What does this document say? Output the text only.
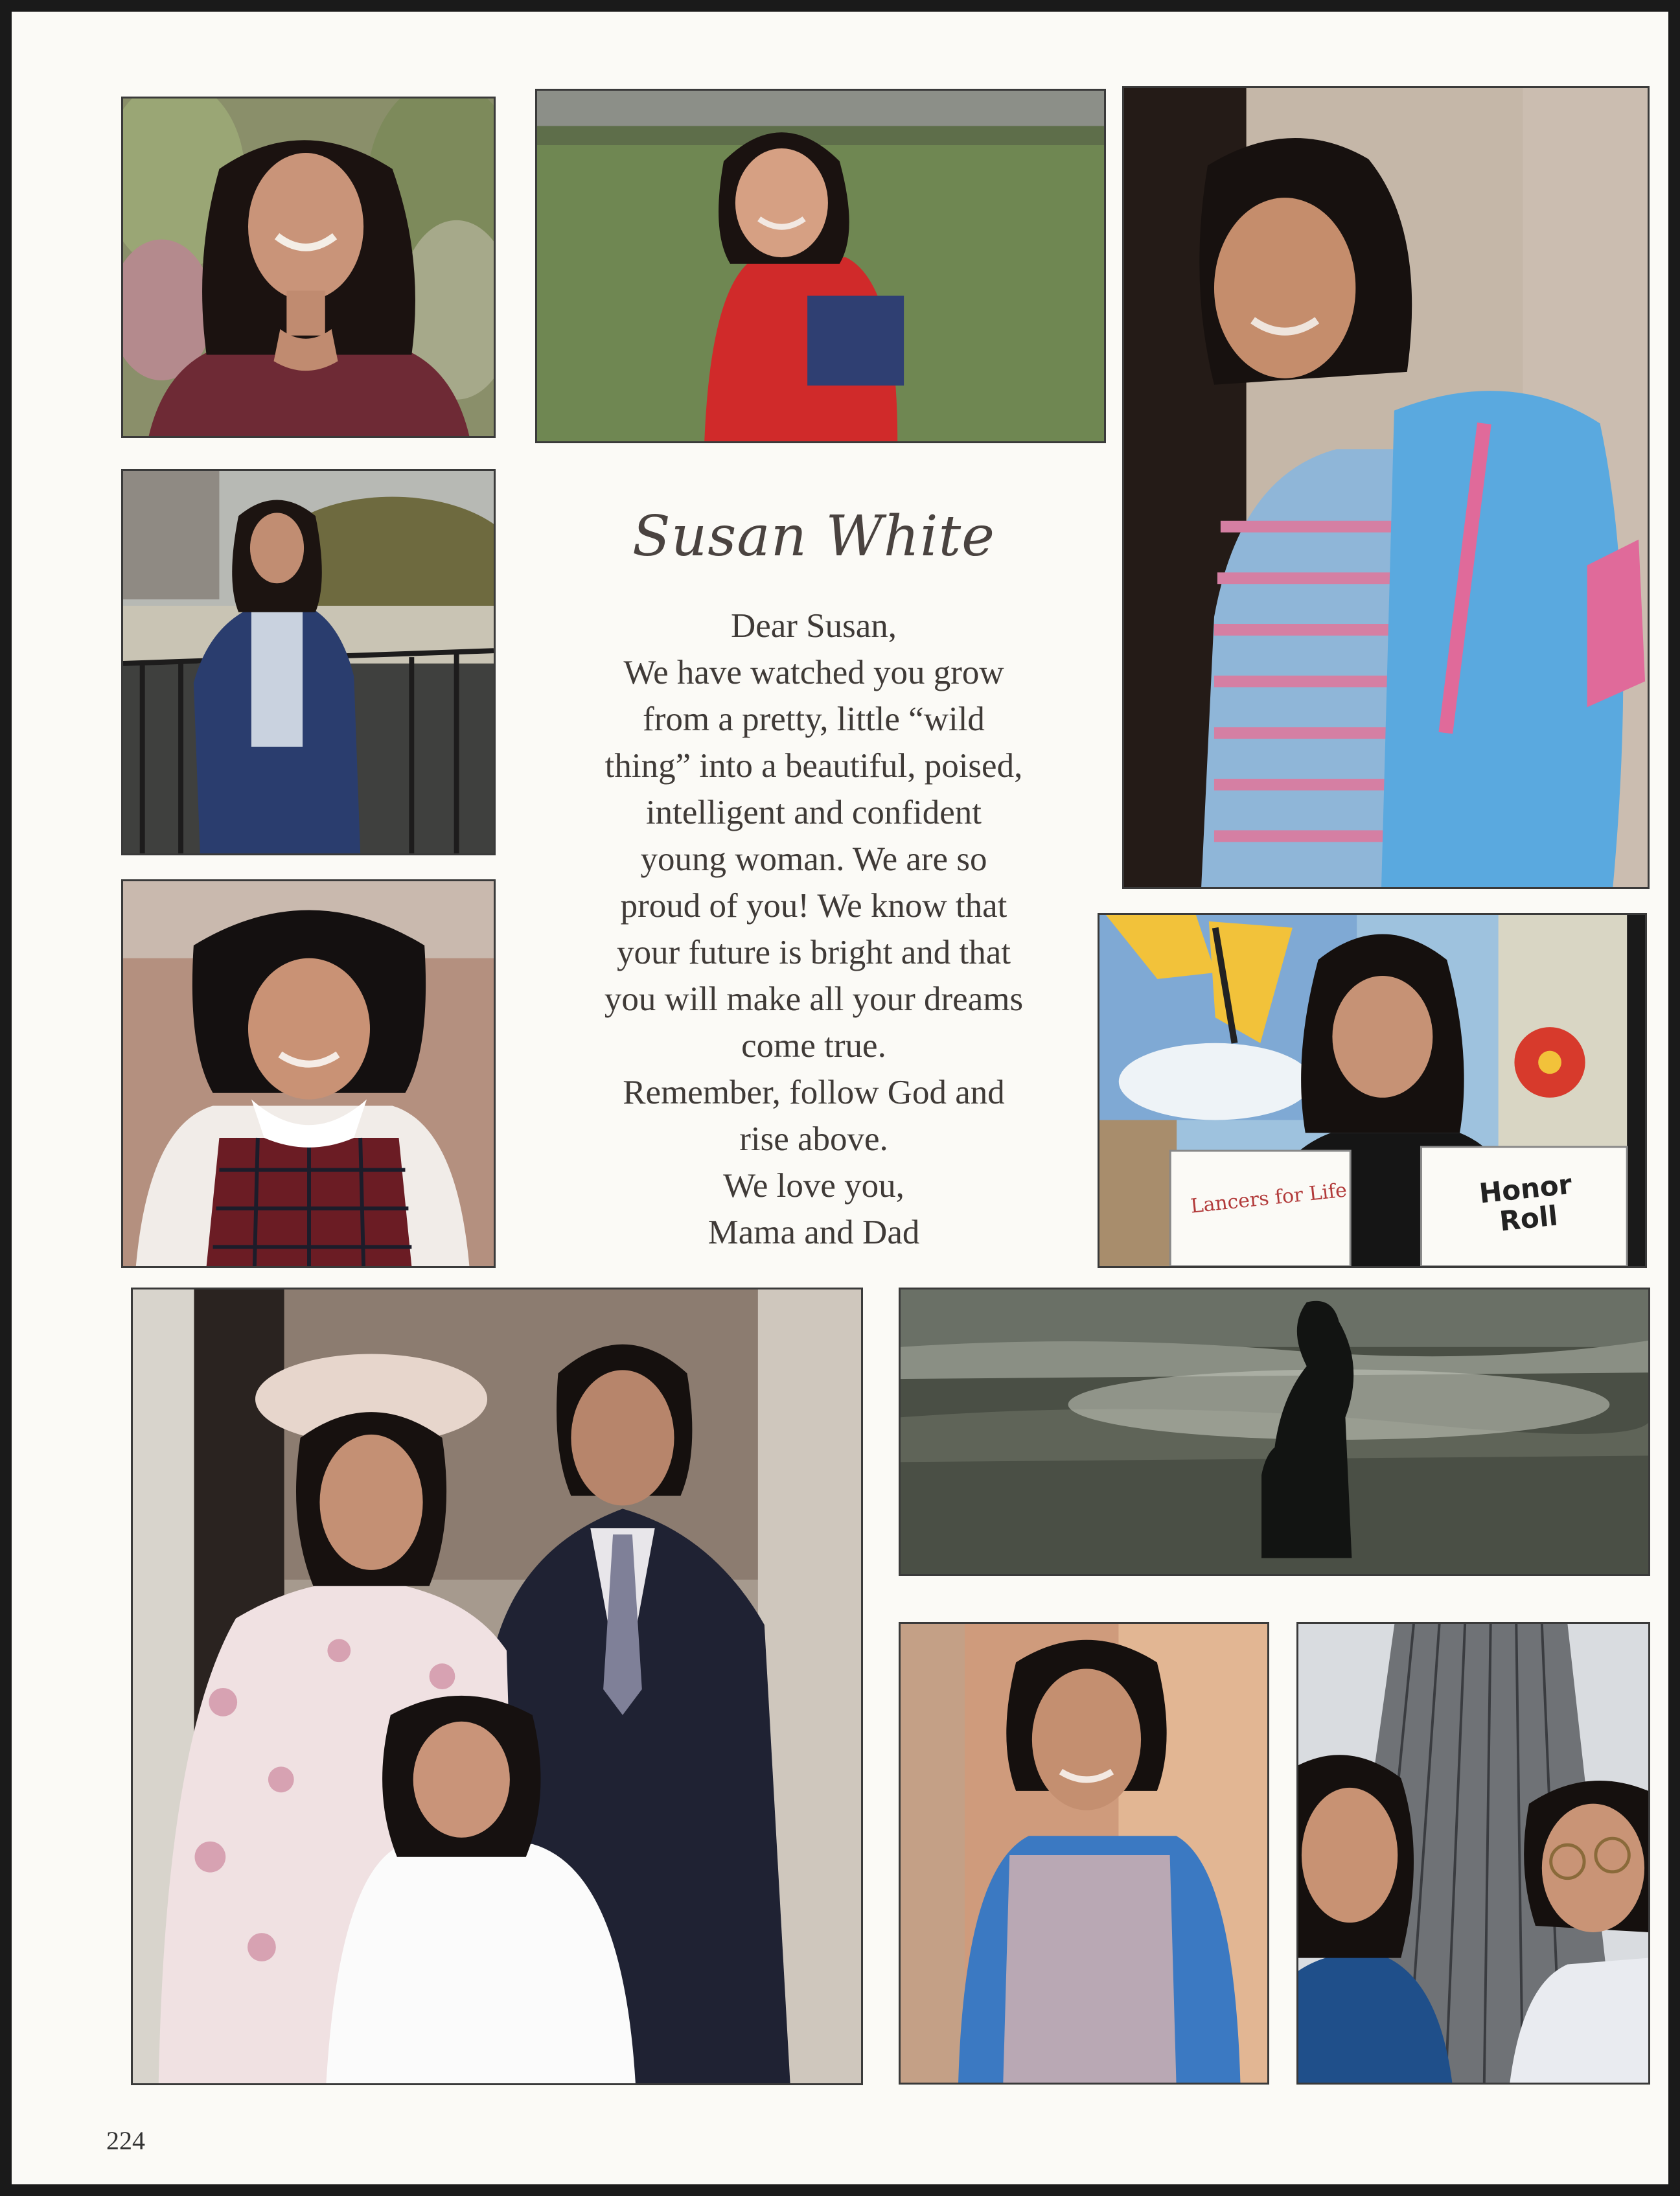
Susan White
Dear Susan,
We have watched you grow
from a pretty, little “wild
thing” into a beautiful, poised,
intelligent and confident
young woman. We are so
proud of you! We know that
your future is bright and that
you will make all your dreams
come true.
Remember, follow God and
rise above.
We love you,
Mama and Dad
Lancers for Life	Honor Roll
224
